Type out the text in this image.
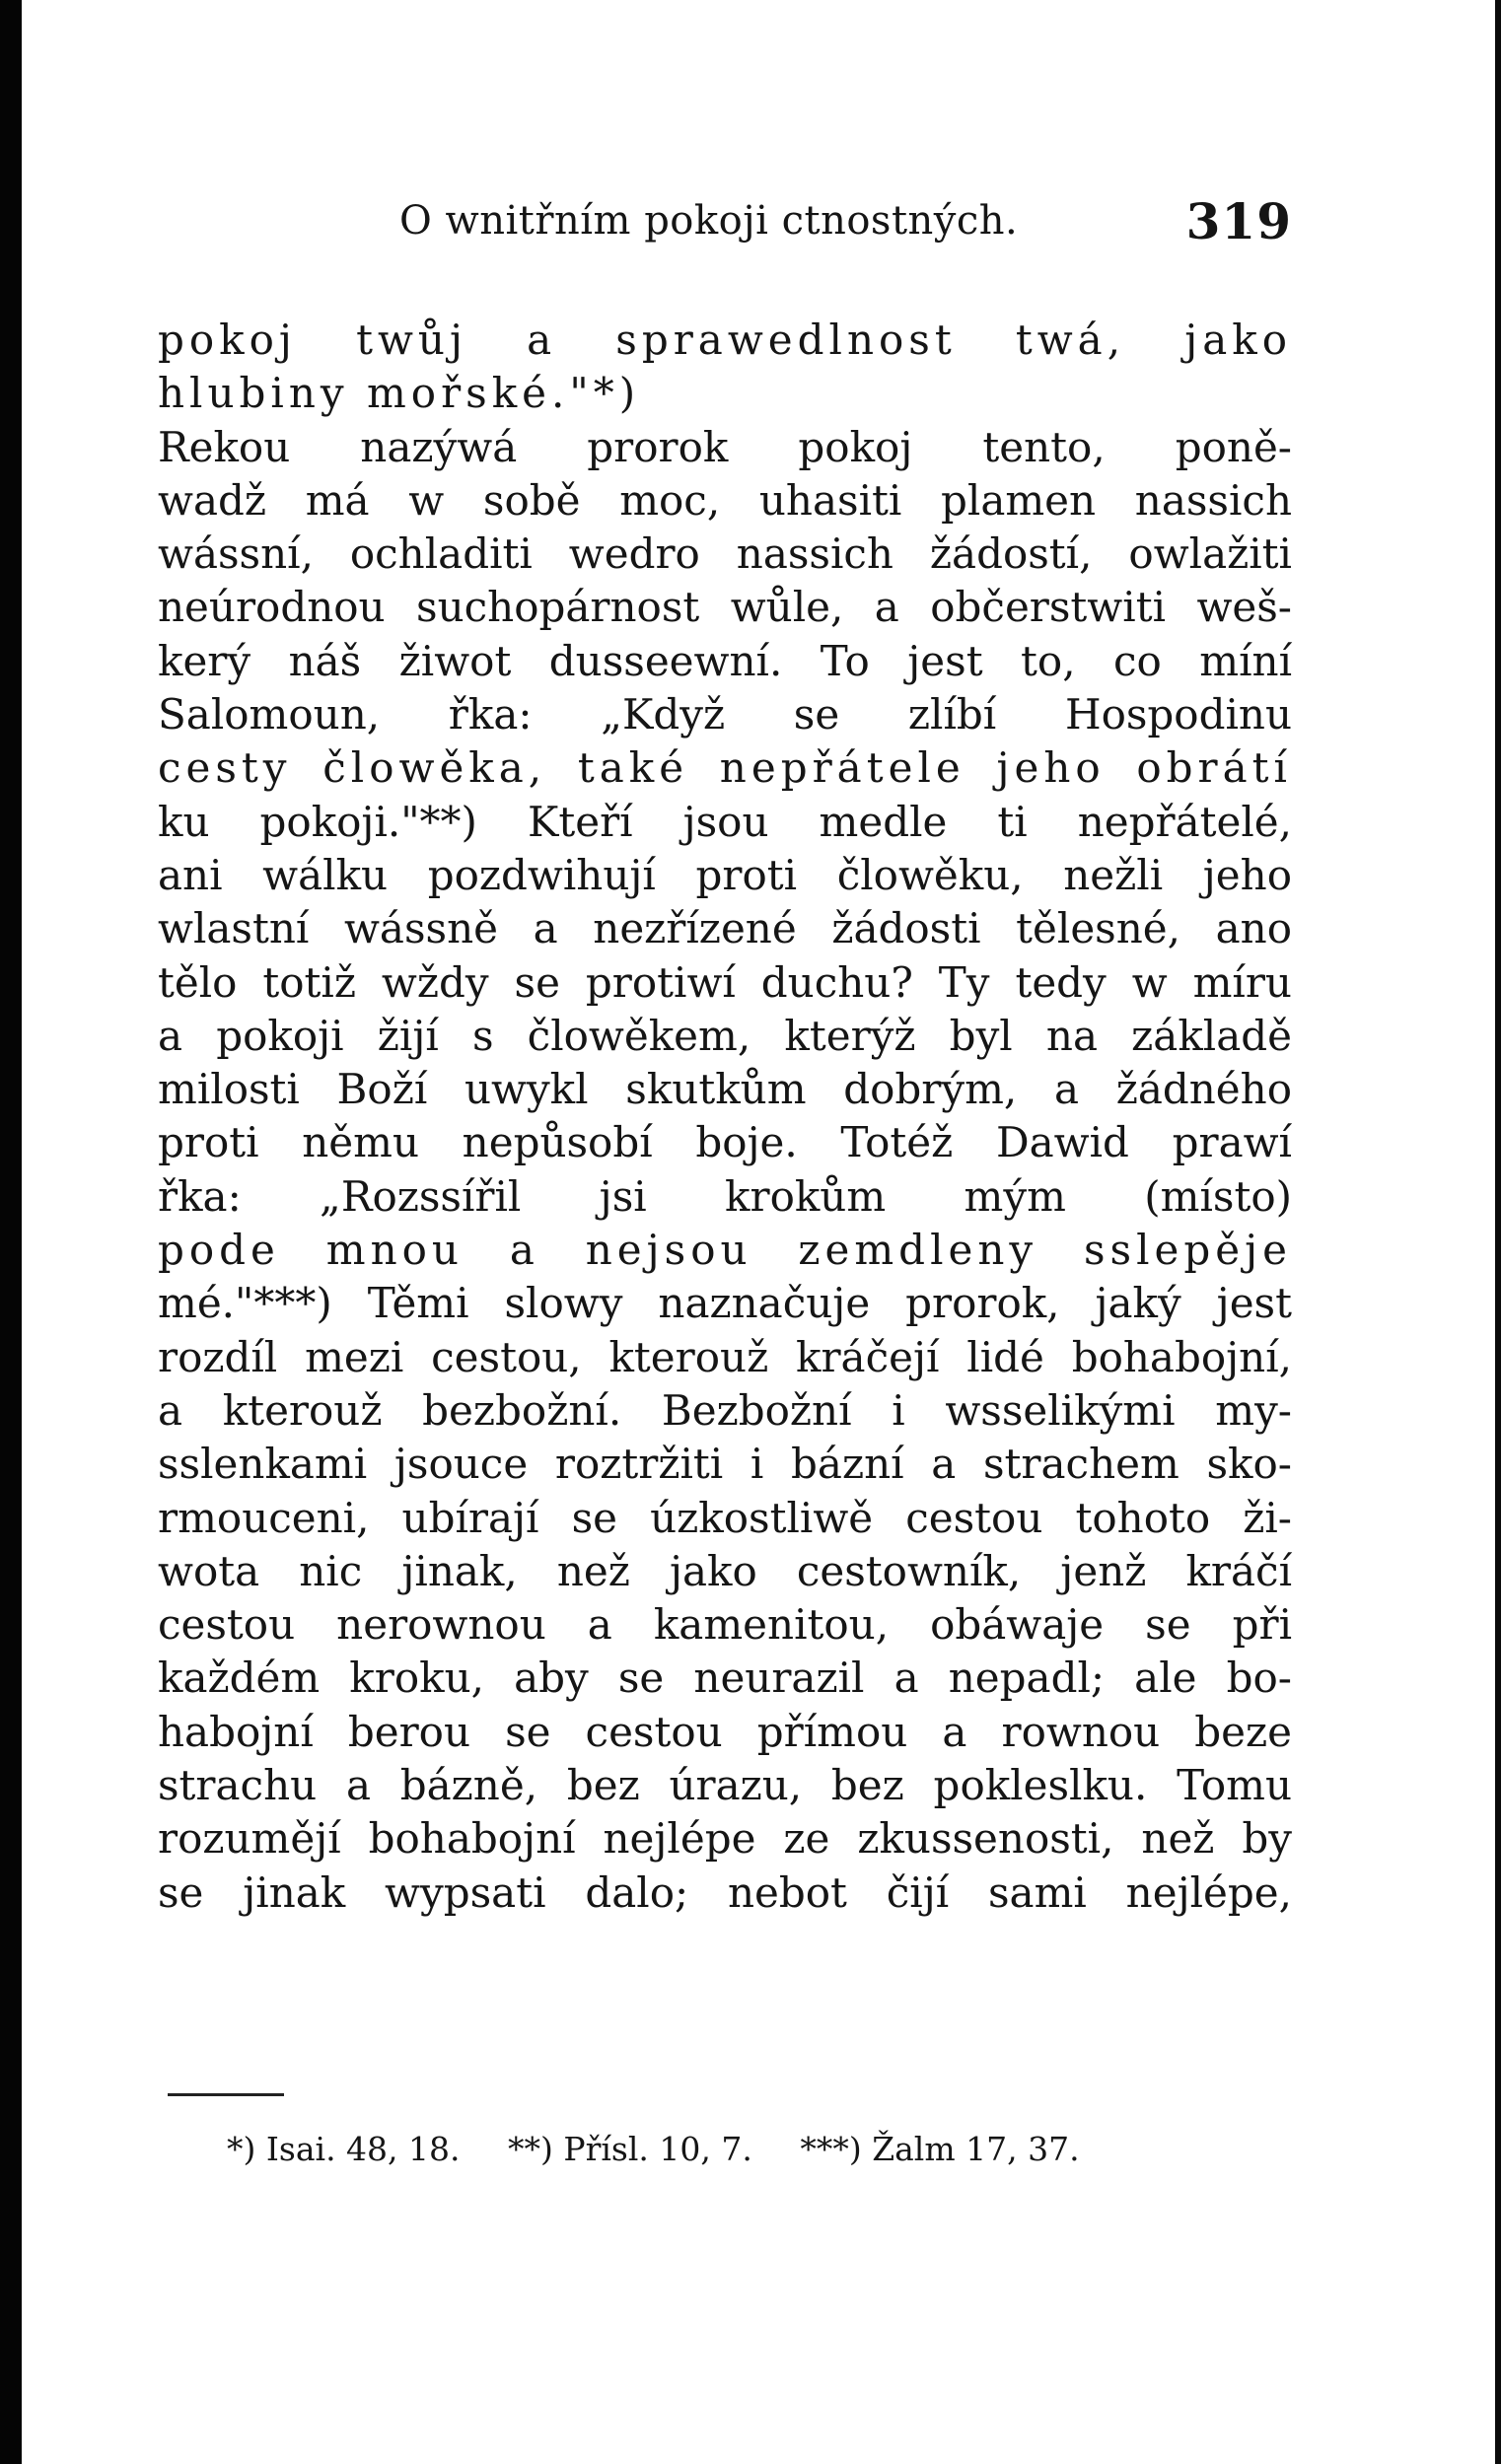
O wnitřním pokoji ctnostných.	319
pokoj twůj a sprawedlnost twá, jako
hlubiny mořské."*)
Rekou nazýwá prorok pokoj tento, poně-
wadž má w sobě moc, uhasiti plamen nassich
wássní, ochladiti wedro nassich žádostí, owlažiti
neúrodnou suchopárnost wůle, a občerstwiti weš-
kerý náš žiwot dusseewní. To jest to, co míní
Salomoun, řka: „Když se zlíbí Hospodinu
cesty člowěka, také nepřátele jeho obrátí
ku pokoji."**) Kteří jsou medle ti nepřátelé,
ani wálku pozdwihují proti člowěku, nežli jeho
wlastní wássně a nezřízené žádosti tělesné, ano
tělo totiž wždy se protiwí duchu? Ty tedy w míru
a pokoji žijí s člowěkem, kterýž byl na základě
milosti Boží uwykl skutkům dobrým, a žádného
proti němu nepůsobí boje. Totéž Dawid prawí
řka: „Rozssířil jsi krokům mým (místo)
pode mnou a nejsou zemdleny sslepěje
mé."***) Těmi slowy naznačuje prorok, jaký jest
rozdíl mezi cestou, kterouž kráčejí lidé bohabojní,
a kterouž bezbožní. Bezbožní i wsselikými my-
sslenkami jsouce roztržiti i bázní a strachem sko-
rmouceni, ubírají se úzkostliwě cestou tohoto ži-
wota nic jinak, než jako cestowník, jenž kráčí
cestou nerownou a kamenitou, obáwaje se při
každém kroku, aby se neurazil a nepadl; ale bo-
habojní berou se cestou přímou a rownou beze
strachu a bázně, bez úrazu, bez pokleslku. Tomu
rozumějí bohabojní nejlépe ze zkussenosti, než by
se jinak wypsati dalo; nebot čijí sami nejlépe,
*) Isai. 48, 18. **) Přísl. 10, 7. ***) Žalm 17, 37.
